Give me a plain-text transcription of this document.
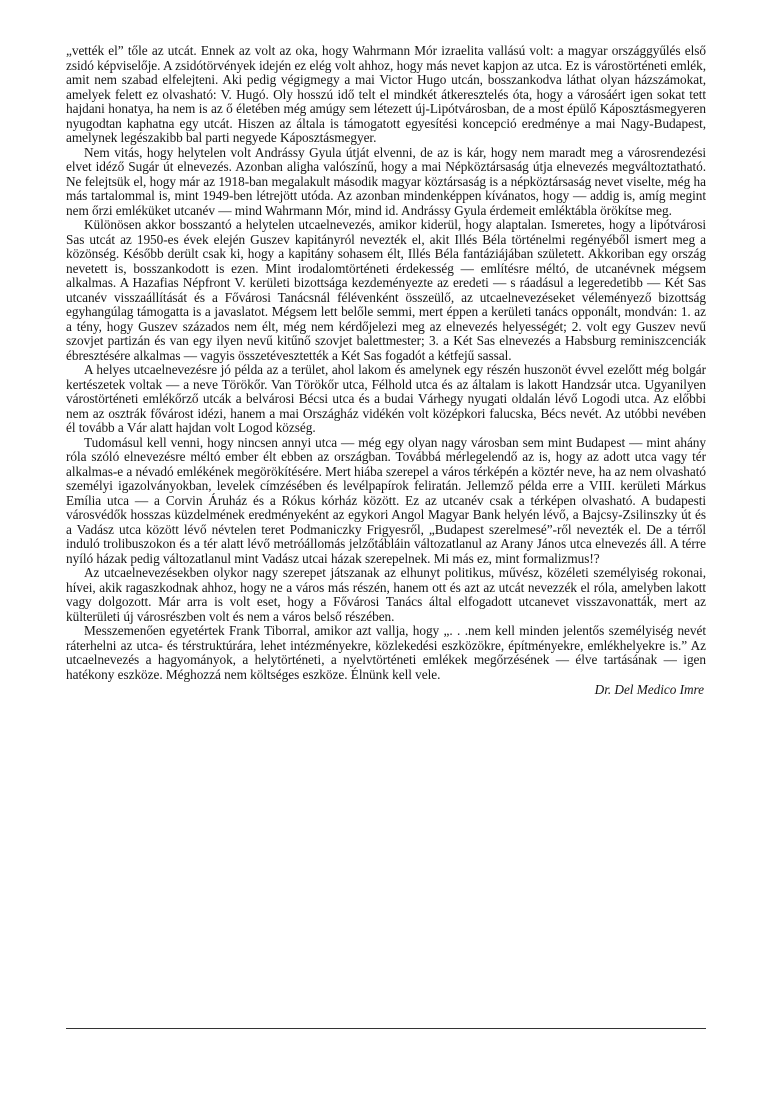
„vették el” tőle az utcát. Ennek az volt az oka, hogy Wahrmann Mór izraelita vallású volt: a magyar országgyűlés első zsidó képviselője. A zsidótörvények idején ez elég volt ahhoz, hogy más nevet kapjon az utca. Ez is várostörténeti emlék, amit nem szabad elfelejteni. Aki pedig végigmegy a mai Victor Hugo utcán, bosszankodva láthat olyan házszámokat, amelyek felett ez olvasható: V. Hugó. Oly hosszú idő telt el mindkét átkeresztelés óta, hogy a városáért igen sokat tett hajdani honatya, ha nem is az ő életében még amúgy sem létezett új-Lipótvárosban, de a most épülő Káposztásmegyeren nyugodtan kaphatna egy utcát. Hiszen az általa is támogatott egyesítési koncepció eredménye a mai Nagy-Budapest, amelynek legészakibb bal parti negyede Káposztásmegyer.

Nem vitás, hogy helytelen volt Andrássy Gyula útját elvenni, de az is kár, hogy nem maradt meg a városrendezési elvet idéző Sugár út elnevezés. Azonban aligha valószínű, hogy a mai Népköztársaság útja elnevezés megváltoztatható. Ne felejtsük el, hogy már az 1918-ban megalakult második magyar köztársaság is a népköztársaság nevet viselte, még ha más tartalommal is, mint 1949-ben létrejött utóda. Az azonban mindenképpen kívánatos, hogy — addig is, amíg megint nem őrzi emléküket utcanév — mind Wahrmann Mór, mind id. Andrássy Gyula érdemeit emléktábla örökítse meg.

Különösen akkor bosszantó a helytelen utcaelnevezés, amikor kiderül, hogy alaptalan. Ismeretes, hogy a lipótvárosi Sas utcát az 1950-es évek elején Guszev kapitányról nevezték el, akit Illés Béla történelmi regényéből ismert meg a közönség. Később derült csak ki, hogy a kapitány sohasem élt, Illés Béla fantáziájában született. Akkoriban egy ország nevetett is, bosszankodott is ezen. Mint irodalomtörténeti érdekesség — említésre méltó, de utcanévnek mégsem alkalmas. A Hazafias Népfront V. kerületi bizottsága kezdeményezte az eredeti — s ráadásul a legeredetibb — Két Sas utcanév visszaállítását és a Fővárosi Tanácsnál félévenként összeülő, az utcaelnevezéseket véleményező bizottság egyhangúlag támogatta is a javaslatot. Mégsem lett belőle semmi, mert éppen a kerületi tanács opponált, mondván: 1. az a tény, hogy Guszev százados nem élt, még nem kérdőjelezi meg az elnevezés helyességét; 2. volt egy Guszev nevű szovjet partizán és van egy ilyen nevű kitűnő szovjet balettmester; 3. a Két Sas elnevezés a Habsburg reminiszcenciák ébresztésére alkalmas — vagyis összetévesztették a Két Sas fogadót a kétfejű sassal.

A helyes utcaelnevezésre jó példa az a terület, ahol lakom és amelynek egy részén huszonöt évvel ezelőtt még bolgár kertészetek voltak — a neve Törökőr. Van Törökőr utca, Félhold utca és az általam is lakott Handzsár utca. Ugyanilyen várostörténeti emlékőrző utcák a belvárosi Bécsi utca és a budai Várhegy nyugati oldalán lévő Logodi utca. Az előbbi nem az osztrák fővárost idézi, hanem a mai Országház vidékén volt középkori falucska, Bécs nevét. Az utóbbi nevében él tovább a Vár alatt hajdan volt Logod község.

Tudomásul kell venni, hogy nincsen annyi utca — még egy olyan nagy városban sem mint Budapest — mint ahány róla szóló elnevezésre méltó ember élt ebben az országban. Továbbá mérlegelendő az is, hogy az adott utca vagy tér alkalmas-e a névadó emlékének megörökítésére. Mert hiába szerepel a város térképén a köztér neve, ha az nem olvasható személyi igazolványokban, levelek címzésében és levélpapírok feliratán. Jellemző példa erre a VIII. kerületi Márkus Emília utca — a Corvin Áruház és a Rókus kórház között. Ez az utcanév csak a térképen olvasható. A budapesti városvédők hosszas küzdelmének eredményeként az egykori Angol Magyar Bank helyén lévő, a Bajcsy-Zsilinszky út és a Vadász utca között lévő névtelen teret Podmaniczky Frigyesről, „Budapest szerelmesé”-ről nevezték el. De a térről induló trolibuszokon és a tér alatt lévő metróállomás jelzőtábláin változatlanul az Arany János utca elnevezés áll. A térre nyíló házak pedig változatlanul mint Vadász utcai házak szerepelnek. Mi más ez, mint formalizmus!?

Az utcaelnevezésekben olykor nagy szerepet játszanak az elhunyt politikus, művész, közéleti személyiség rokonai, hívei, akik ragaszkodnak ahhoz, hogy ne a város más részén, hanem ott és azt az utcát nevezzék el róla, amelyben lakott vagy dolgozott. Már arra is volt eset, hogy a Fővárosi Tanács által elfogadott utcanevet visszavonatták, mert az külterületi új városrészben volt és nem a város belső részében.

Messzemenően egyetértek Frank Tiborral, amikor azt vallja, hogy „. . .nem kell minden jelentős személyiség nevét ráterhelni az utca- és térstruktúrára, lehet intézményekre, közlekedési eszközökre, építményekre, emlékhelyekre is.” Az utcaelnevezés a hagyományok, a helytörténeti, a nyelvtörténeti emlékek megőrzésének — élve tartásának — igen hatékony eszköze. Méghozzá nem költséges eszköze. Élnünk kell vele.

Dr. Del Medico Imre
